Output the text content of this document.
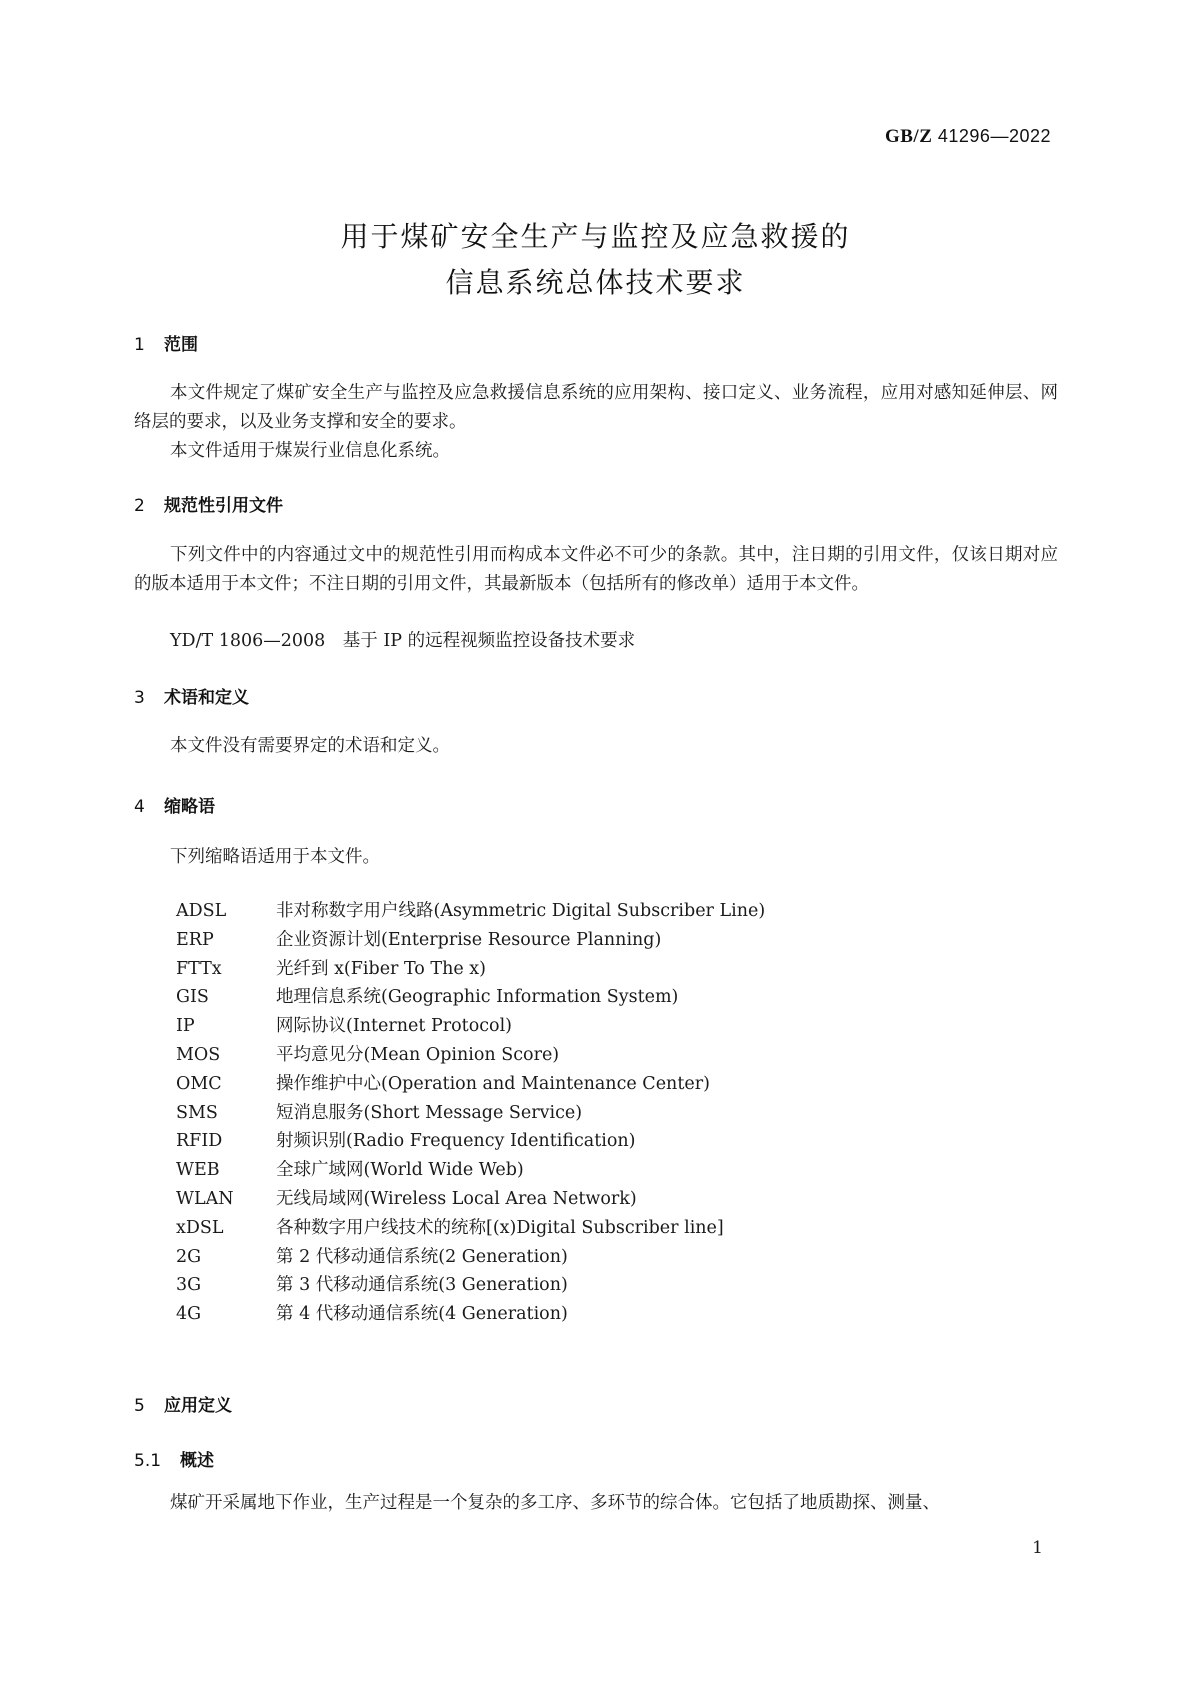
GB/Z 41296—2022
用于煤矿安全生产与监控及应急救援的
信息系统总体技术要求
1 范围
本文件规定了煤矿安全生产与监控及应急救援信息系统的应用架构、接口定义、业务流程，应用对感知延伸层、网络层的要求，以及业务支撑和安全的要求。
本文件适用于煤炭行业信息化系统。
2 规范性引用文件
下列文件中的内容通过文中的规范性引用而构成本文件必不可少的条款。其中，注日期的引用文件，仅该日期对应的版本适用于本文件；不注日期的引用文件，其最新版本（包括所有的修改单）适用于本文件。
YD/T 1806—2008　基于 IP 的远程视频监控设备技术要求
3 术语和定义
本文件没有需要界定的术语和定义。
4 缩略语
下列缩略语适用于本文件。
ADSL	非对称数字用户线路(Asymmetric Digital Subscriber Line)
ERP	企业资源计划(Enterprise Resource Planning)
FTTx	光纤到 x(Fiber To The x)
GIS	地理信息系统(Geographic Information System)
IP	网际协议(Internet Protocol)
MOS	平均意见分(Mean Opinion Score)
OMC	操作维护中心(Operation and Maintenance Center)
SMS	短消息服务(Short Message Service)
RFID	射频识别(Radio Frequency Identification)
WEB	全球广域网(World Wide Web)
WLAN 无线局域网(Wireless Local Area Network)
xDSL	各种数字用户线技术的统称[(x)Digital Subscriber line]
2G	第 2 代移动通信系统(2 Generation)
3G	第 3 代移动通信系统(3 Generation)
4G	第 4 代移动通信系统(4 Generation)
5 应用定义
5.1 概述
煤矿开采属地下作业，生产过程是一个复杂的多工序、多环节的综合体。它包括了地质勘探、测量、
1
